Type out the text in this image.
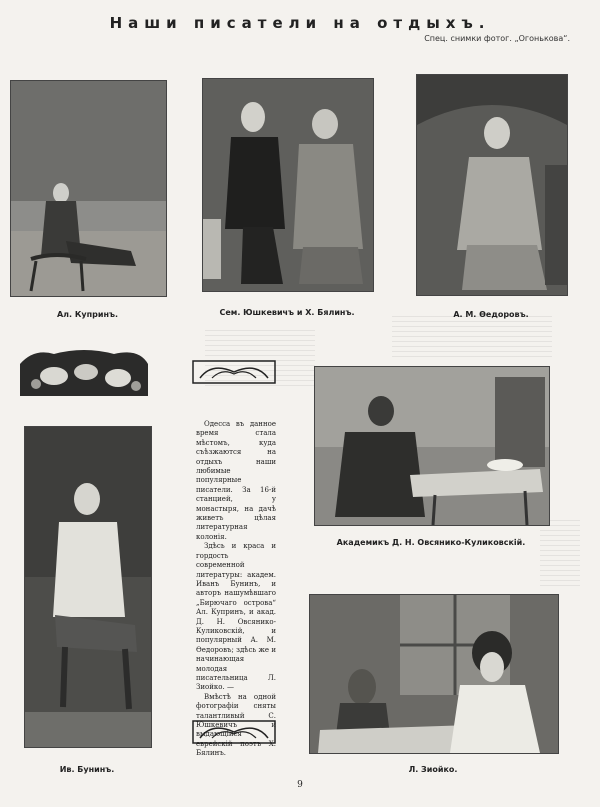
Наши писатели на отдыхъ.
Спец. снимки фотог. „Огонькова“.
Ал. Купринъ.	Сем. Юшкевичъ и Х. Бялинъ.	А. М. Өедоровъ.

Одесса въ данное время стала мѣстомъ, куда съѣзжаются на отдыхъ наши любимые популярные писатели. За 16-й станцией, у монастыря, на дачѣ живетъ цѣлая литературная колонія.

Здѣсь и краса и гордость современной литературы: академ. Иванъ Бунинъ, и авторъ нашумѣвшаго „Бирючаго острова“ Ал. Купринъ, и акад. Д. Н. Овсянико-Куликовскій, и популярный А. М. Өедоровъ; здѣсь же и начинающая молодая писательница Л. Зиойко. —

Вмѣстѣ на одной фотографіи сняты талантливый С. Юшкевичъ и выдающійся еврейскій поэтъ Х. Бялинъ.

Ив. Бунинъ.
Академикъ Д. Н. Овсянико-Куликовскій.
Л. Зиойко.
9
